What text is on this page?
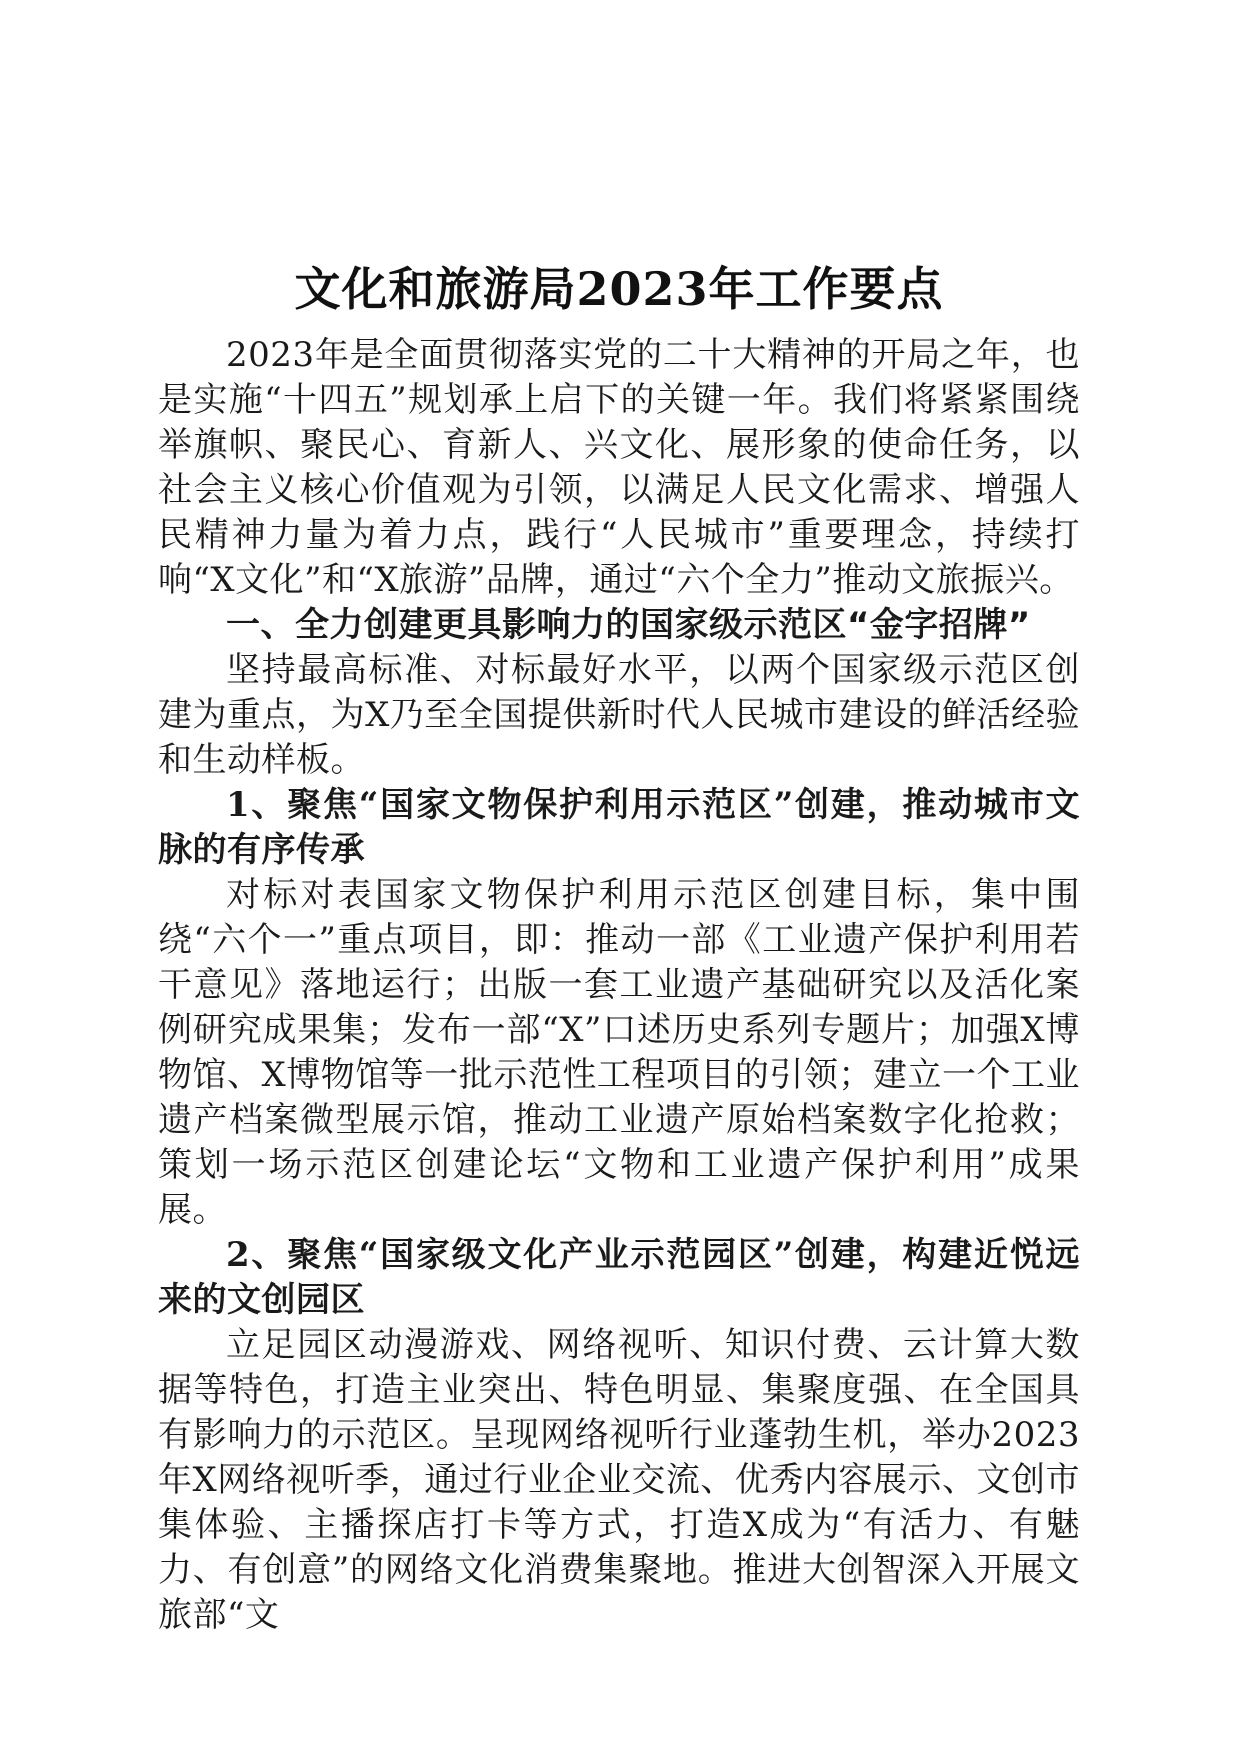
文化和旅游局2023年工作要点

2023年是全面贯彻落实党的二十大精神的开局之年，也是实施“十四五”规划承上启下的关键一年。我们将紧紧围绕举旗帜、聚民心、育新人、兴文化、展形象的使命任务，以社会主义核心价值观为引领，以满足人民文化需求、增强人民精神力量为着力点，践行“人民城市”重要理念，持续打响“X文化”和“X旅游”品牌，通过“六个全力”推动文旅振兴。

一、全力创建更具影响力的国家级示范区“金字招牌”

坚持最高标准、对标最好水平，以两个国家级示范区创建为重点，为X乃至全国提供新时代人民城市建设的鲜活经验和生动样板。

1、聚焦“国家文物保护利用示范区”创建，推动城市文脉的有序传承

对标对表国家文物保护利用示范区创建目标，集中围绕“六个一”重点项目，即：推动一部《工业遗产保护利用若干意见》落地运行；出版一套工业遗产基础研究以及活化案例研究成果集；发布一部“X”口述历史系列专题片；加强X博物馆、X博物馆等一批示范性工程项目的引领；建立一个工业遗产档案微型展示馆，推动工业遗产原始档案数字化抢救；策划一场示范区创建论坛“文物和工业遗产保护利用”成果展。

2、聚焦“国家级文化产业示范园区”创建，构建近悦远来的文创园区

立足园区动漫游戏、网络视听、知识付费、云计算大数据等特色，打造主业突出、特色明显、集聚度强、在全国具有影响力的示范区。呈现网络视听行业蓬勃生机，举办2023年X网络视听季，通过行业企业交流、优秀内容展示、文创市集体验、主播探店打卡等方式，打造X成为“有活力、有魅力、有创意”的网络文化消费集聚地。推进大创智深入开展文旅部“文
